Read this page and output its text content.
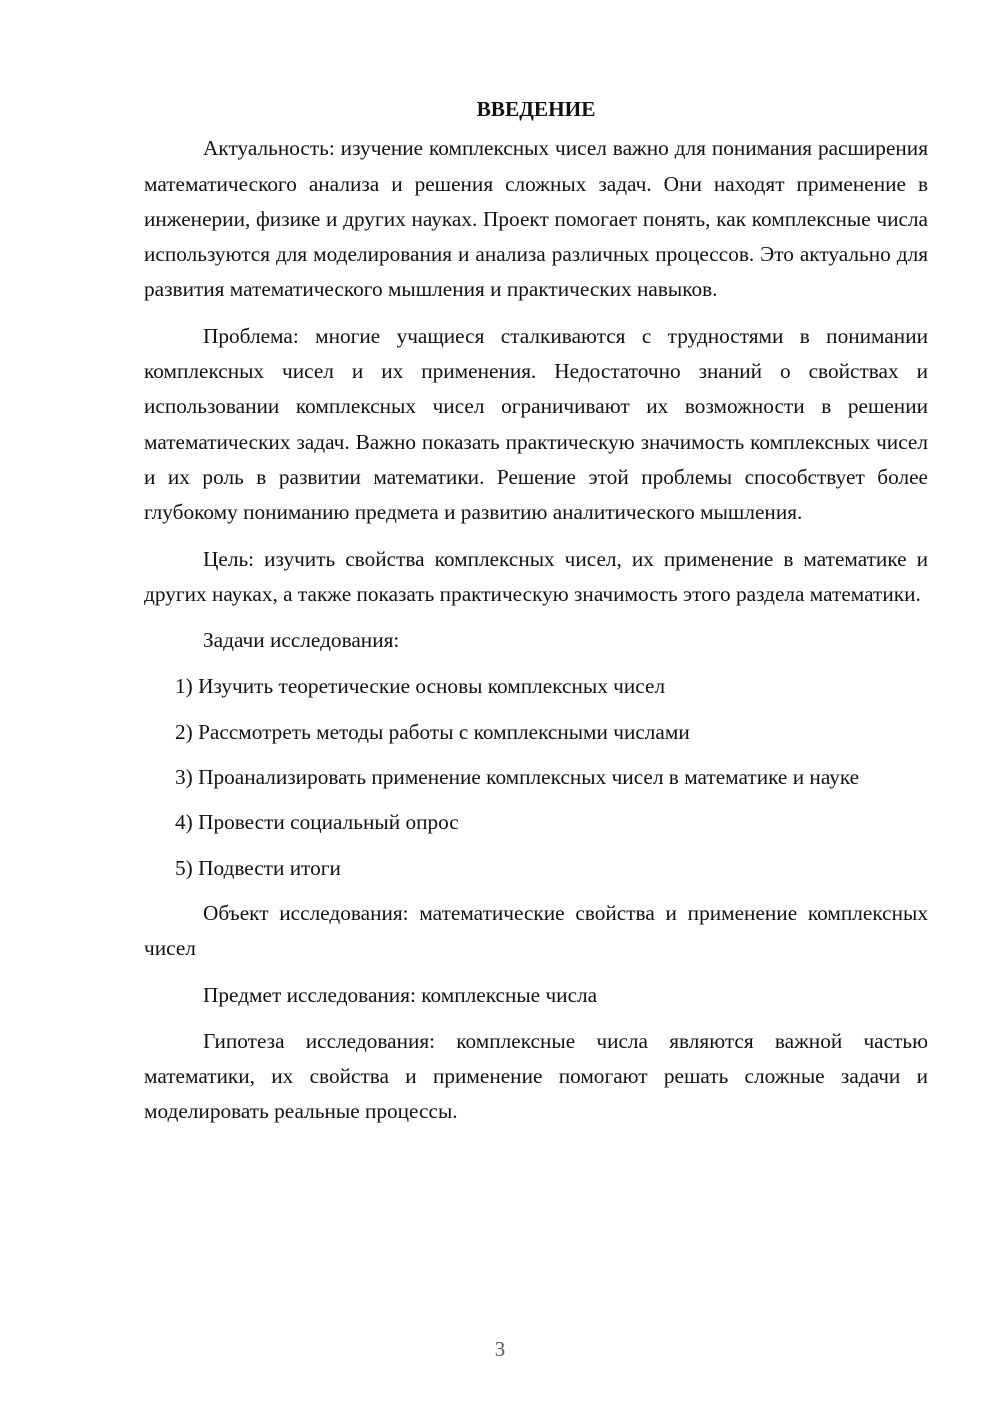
ВВЕДЕНИЕ

Актуальность: изучение комплексных чисел важно для понимания расширения математического анализа и решения сложных задач. Они находят применение в инженерии, физике и других науках. Проект помогает понять, как комплексные числа используются для моделирования и анализа различных процессов. Это актуально для развития математического мышления и практических навыков.

Проблема: многие учащиеся сталкиваются с трудностями в понимании комплексных чисел и их применения. Недостаточно знаний о свойствах и использовании комплексных чисел ограничивают их возможности в решении математических задач. Важно показать практическую значимость комплексных чисел и их роль в развитии математики. Решение этой проблемы способствует более глубокому пониманию предмета и развитию аналитического мышления.

Цель: изучить свойства комплексных чисел, их применение в математике и других науках, а также показать практическую значимость этого раздела математики.

Задачи исследования:

1) Изучить теоретические основы комплексных чисел

2) Рассмотреть методы работы с комплексными числами

3) Проанализировать применение комплексных чисел в математике и науке

4) Провести социальный опрос

5) Подвести итоги

Объект исследования: математические свойства и применение комплексных чисел

Предмет исследования: комплексные числа

Гипотеза исследования: комплексные числа являются важной частью математики, их свойства и применение помогают решать сложные задачи и моделировать реальные процессы.

3
